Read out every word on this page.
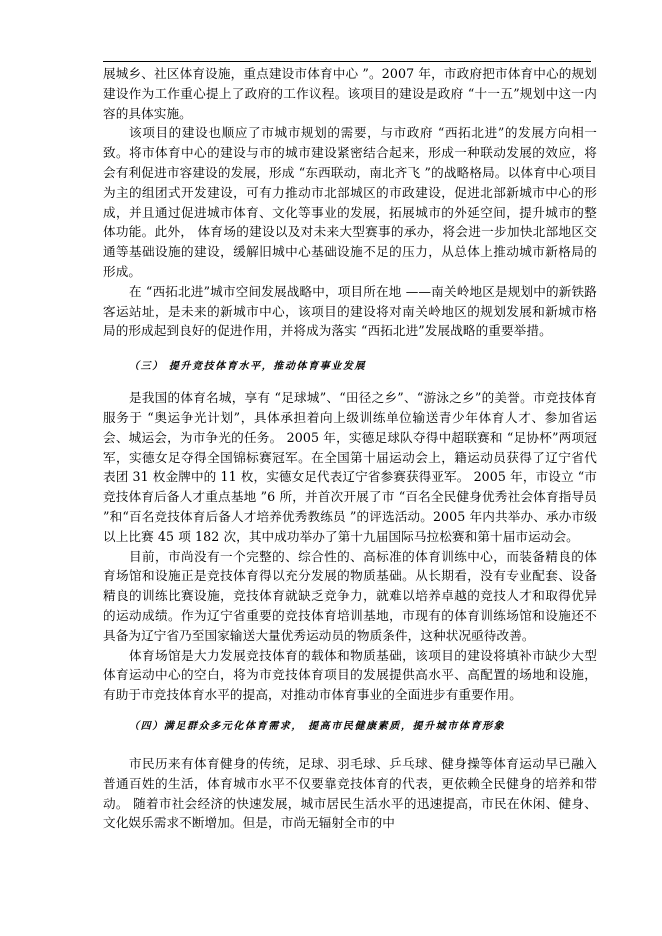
展城乡、社区体育设施，重点建设市体育中心 ”。2007 年，市政府把市体育中心的规划建设作为工作重心提上了政府的工作议程。该项目的建设是政府 “十一五”规划中这一内容的具体实施。

该项目的建设也顺应了市城市规划的需要，与市政府 “西拓北进”的发展方向相一致。将市体育中心的建设与市的城市建设紧密结合起来，形成一种联动发展的效应，将会有利促进市容建设的发展，形成 “东西联动，南北齐飞 ”的战略格局。以体育中心项目为主的组团式开发建设，可有力推动市北部城区的市政建设，促进北部新城市中心的形成，并且通过促进城市体育、文化等事业的发展，拓展城市的外延空间，提升城市的整体功能。此外， 体育场的建设以及对未来大型赛事的承办，将会进一步加快北部地区交通等基础设施的建设，缓解旧城中心基础设施不足的压力，从总体上推动城市新格局的形成。

在 “西拓北进”城市空间发展战略中，项目所在地 ——南关岭地区是规划中的新铁路客运站址，是未来的新城市中心，该项目的建设将对南关岭地区的规划发展和新城市格局的形成起到良好的促进作用，并将成为落实 “西拓北进”发展战略的重要举措。

（三） 提升竞技体育水平，推动体育事业发展

是我国的体育名城，享有 “足球城”、“田径之乡”、“游泳之乡”的美誉。市竞技体育服务于 “奥运争光计划”，具体承担着向上级训练单位输送青少年体育人才、参加省运会、城运会，为市争光的任务。 2005 年，实德足球队夺得中超联赛和 “足协杯”两项冠军，实德女足夺得全国锦标赛冠军。在全国第十届运动会上，籍运动员获得了辽宁省代表团 31 枚金牌中的 11 枚，实德女足代表辽宁省参赛获得亚军。 2005 年，市设立 “市竞技体育后备人才重点基地 ”6 所，并首次开展了市 “百名全民健身优秀社会体育指导员 ”和“百名竞技体育后备人才培养优秀教练员 ”的评选活动。2005 年内共举办、承办市级以上比赛 45 项 182 次，其中成功举办了第十九届国际马拉松赛和第十届市运动会。

目前，市尚没有一个完整的、综合性的、高标准的体育训练中心，而装备精良的体育场馆和设施正是竞技体育得以充分发展的物质基础。从长期看，没有专业配套、设备精良的训练比赛设施，竞技体育就缺乏竞争力，就难以培养卓越的竞技人才和取得优异的运动成绩。作为辽宁省重要的竞技体育培训基地，市现有的体育训练场馆和设施还不具备为辽宁省乃至国家输送大量优秀运动员的物质条件，这种状况亟待改善。

体育场馆是大力发展竞技体育的载体和物质基础，该项目的建设将填补市缺少大型体育运动中心的空白，将为市竞技体育项目的发展提供高水平、高配置的场地和设施，有助于市竞技体育水平的提高，对推动市体育事业的全面进步有重要作用。

（四）满足群众多元化体育需求， 提高市民健康素质，提升城市体育形象

市民历来有体育健身的传统，足球、羽毛球、乒乓球、健身操等体育运动早已融入普通百姓的生活，体育城市水平不仅要靠竞技体育的代表，更依赖全民健身的培养和带动。 随着市社会经济的快速发展，城市居民生活水平的迅速提高，市民在休闲、健身、文化娱乐需求不断增加。但是，市尚无辐射全市的中
